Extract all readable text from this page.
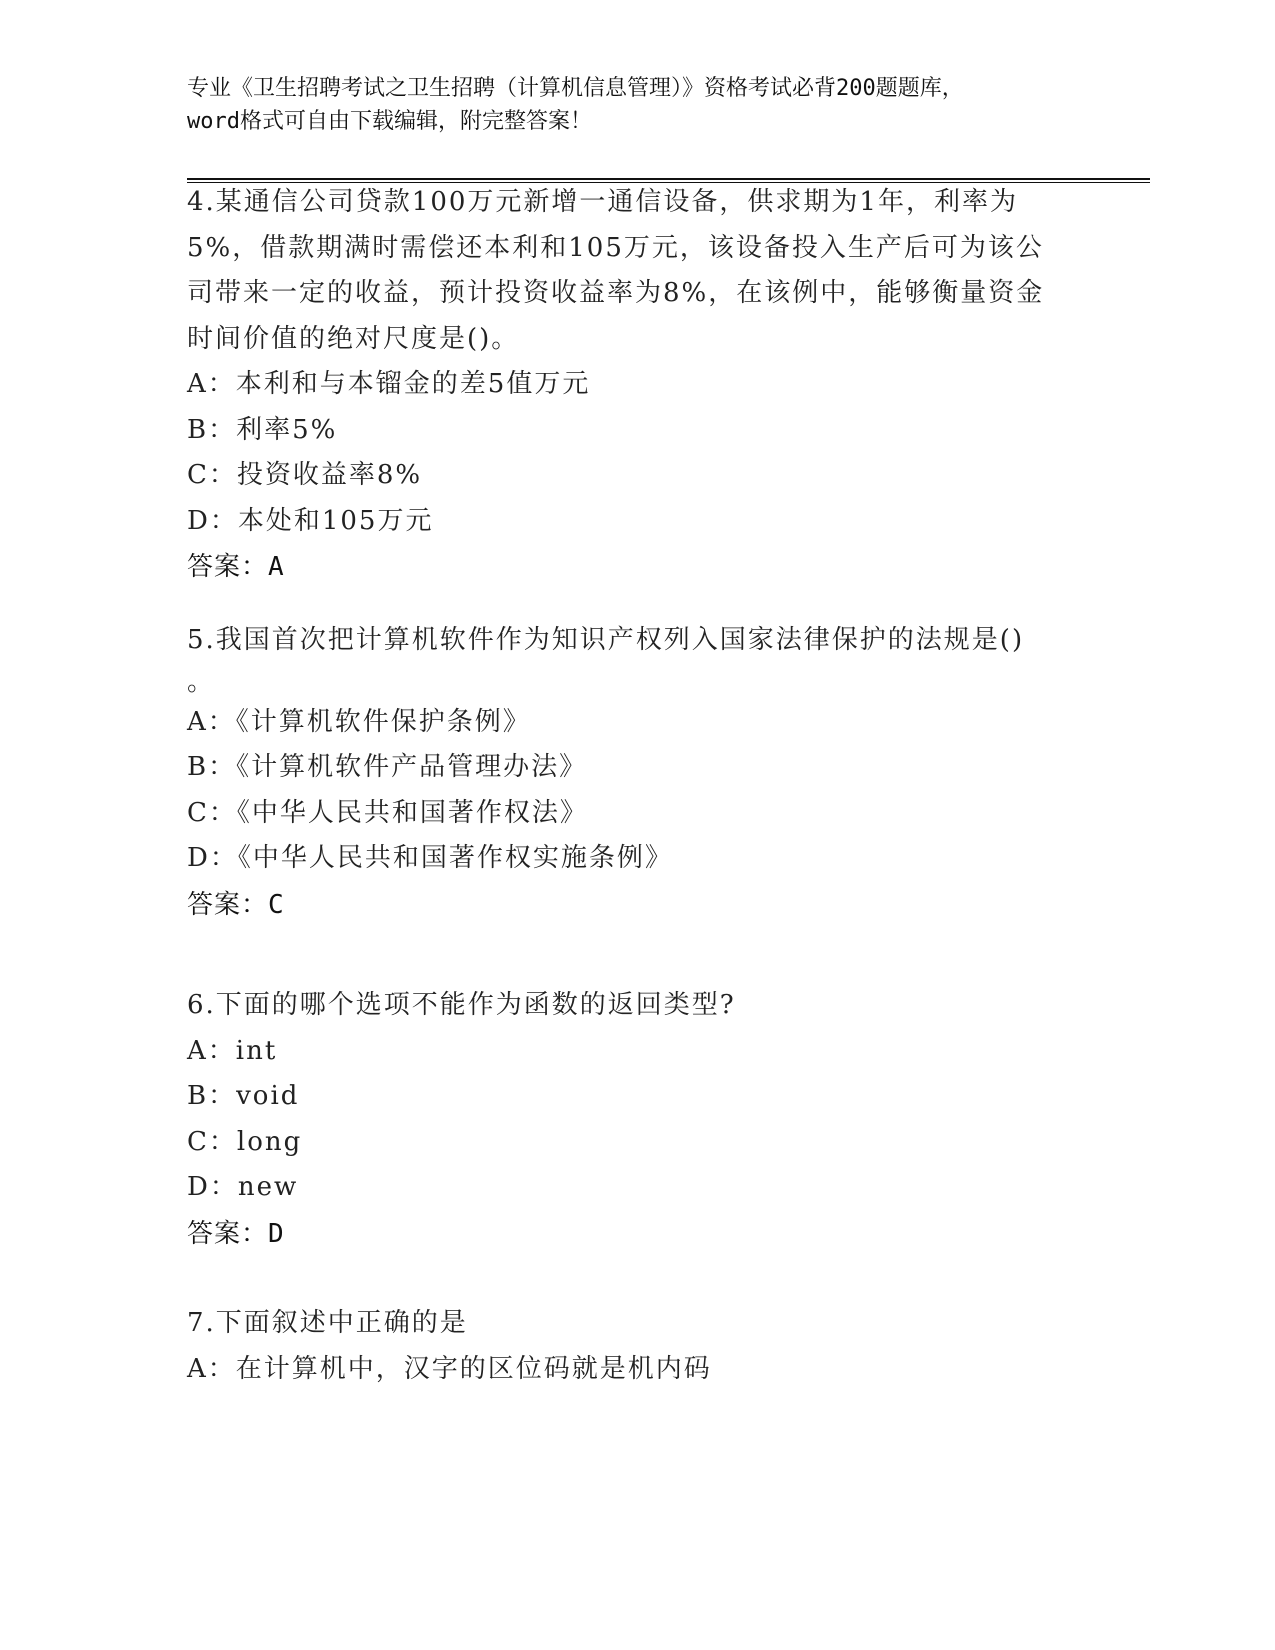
专业《卫生招聘考试之卫生招聘（计算机信息管理）》资格考试必背200题题库，
word格式可自由下载编辑，附完整答案！
4.某通信公司贷款100万元新增一通信设备，供求期为1年，利率为
5%，借款期满时需偿还本利和105万元，该设备投入生产后可为该公
司带来一定的收益，预计投资收益率为8%，在该例中，能够衡量资金
时间价值的绝对尺度是()。
A：本利和与本镏金的差5值万元
B：利率5%
C：投资收益率8%
D：本处和105万元
答案：A
5.我国首次把计算机软件作为知识产权列入国家法律保护的法规是()
。
A：《计算机软件保护条例》
B：《计算机软件产品管理办法》
C：《中华人民共和国著作权法》
D：《中华人民共和国著作权实施条例》
答案：C
6.下面的哪个选项不能作为函数的返回类型?
A：int
B：void
C：long
D：new
答案：D
7.下面叙述中正确的是
A：在计算机中，汉字的区位码就是机内码
